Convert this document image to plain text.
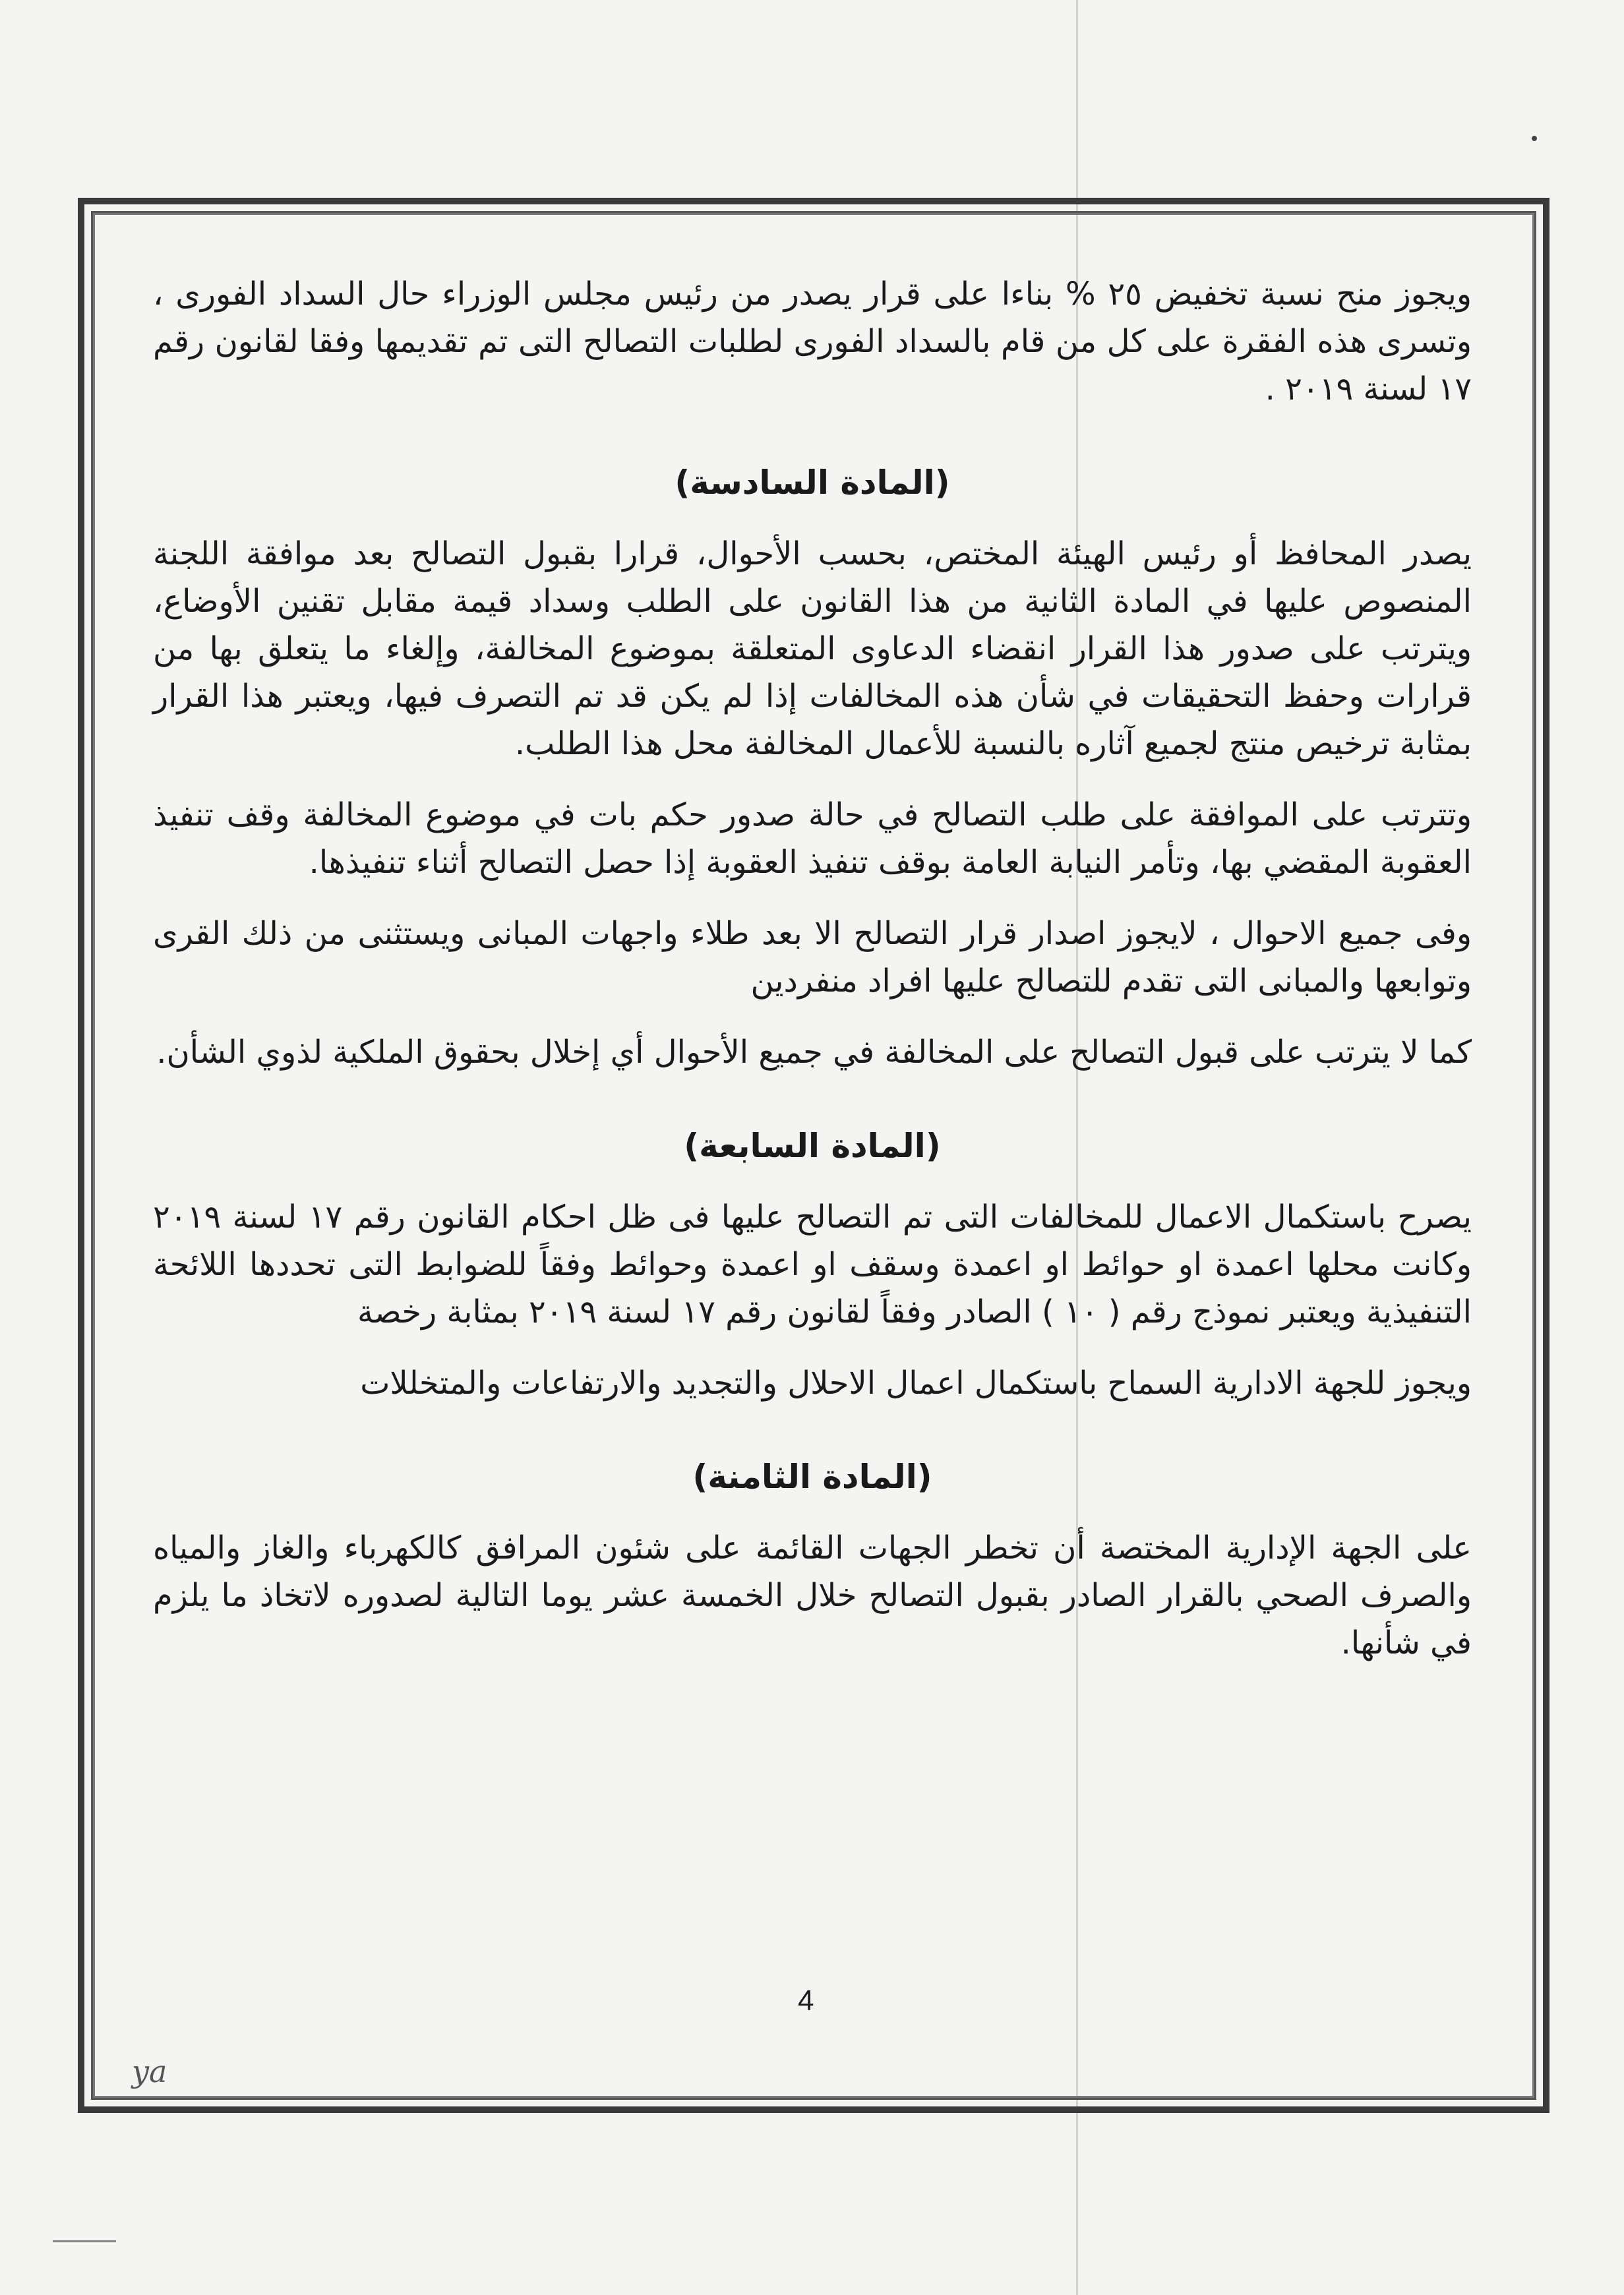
ويجوز منح نسبة تخفيض ٢٥ % بناءا على قرار يصدر من رئيس مجلس الوزراء حال السداد الفورى ، وتسرى هذه الفقرة على كل من قام بالسداد الفورى لطلبات التصالح التى تم تقديمها وفقا لقانون رقم ١٧ لسنة ٢٠١٩ .

(المادة السادسة)

يصدر المحافظ أو رئيس الهيئة المختص، بحسب الأحوال، قرارا بقبول التصالح بعد موافقة اللجنة المنصوص عليها في المادة الثانية من هذا القانون على الطلب وسداد قيمة مقابل تقنين الأوضاع، ويترتب على صدور هذا القرار انقضاء الدعاوى المتعلقة بموضوع المخالفة، وإلغاء ما يتعلق بها من قرارات وحفظ التحقيقات في شأن هذه المخالفات إذا لم يكن قد تم التصرف فيها، ويعتبر هذا القرار بمثابة ترخيص منتج لجميع آثاره بالنسبة للأعمال المخالفة محل هذا الطلب.

وتترتب على الموافقة على طلب التصالح في حالة صدور حكم بات في موضوع المخالفة وقف تنفيذ العقوبة المقضي بها، وتأمر النيابة العامة بوقف تنفيذ العقوبة إذا حصل التصالح أثناء تنفيذها.

وفى جميع الاحوال ، لايجوز اصدار قرار التصالح الا بعد طلاء واجهات المبانى ويستثنى من ذلك القرى وتوابعها والمبانى التى تقدم للتصالح عليها افراد منفردين

كما لا يترتب على قبول التصالح على المخالفة في جميع الأحوال أي إخلال بحقوق الملكية لذوي الشأن.

(المادة السابعة)

يصرح باستكمال الاعمال للمخالفات التى تم التصالح عليها فى ظل احكام القانون رقم ١٧ لسنة ٢٠١٩ وكانت محلها اعمدة او حوائط او اعمدة وسقف او اعمدة وحوائط وفقاً للضوابط التى تحددها اللائحة التنفيذية ويعتبر نموذج رقم ( ١٠ ) الصادر وفقاً لقانون رقم ١٧ لسنة ٢٠١٩ بمثابة رخصة

ويجوز للجهة الادارية السماح باستكمال اعمال الاحلال والتجديد والارتفاعات والمتخللات

(المادة الثامنة)

على الجهة الإدارية المختصة أن تخطر الجهات القائمة على شئون المرافق كالكهرباء والغاز والمياه والصرف الصحي بالقرار الصادر بقبول التصالح خلال الخمسة عشر يوما التالية لصدوره لاتخاذ ما يلزم في شأنها.

4
ya
